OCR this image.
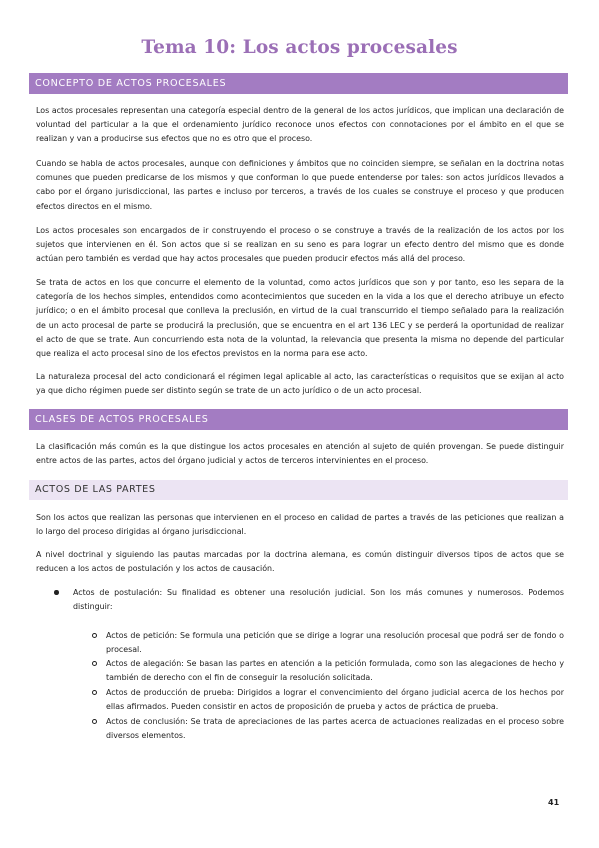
Tema 10: Los actos procesales
CONCEPTO DE ACTOS PROCESALES

Los actos procesales representan una categoría especial dentro de la general de los actos jurídicos, que implican una declaración de voluntad del particular a la que el ordenamiento jurídico reconoce unos efectos con connotaciones por el ámbito en el que se realizan y van a producirse sus efectos que no es otro que el proceso.

Cuando se habla de actos procesales, aunque con definiciones y ámbitos que no coinciden siempre, se señalan en la doctrina notas comunes que pueden predicarse de los mismos y que conforman lo que puede entenderse por tales: son actos jurídicos llevados a cabo por el órgano jurisdiccional, las partes e incluso por terceros, a través de los cuales se construye el proceso y que producen efectos directos en el mismo.

Los actos procesales son encargados de ir construyendo el proceso o se construye a través de la realización de los actos por los sujetos que intervienen en él. Son actos que si se realizan en su seno es para lograr un efecto dentro del mismo que es donde actúan pero también es verdad que hay actos procesales que pueden producir efectos más allá del proceso.

Se trata de actos en los que concurre el elemento de la voluntad, como actos jurídicos que son y por tanto, eso les separa de la categoría de los hechos simples, entendidos como acontecimientos que suceden en la vida a los que el derecho atribuye un efecto jurídico; o en el ámbito procesal que conlleva la preclusión, en virtud de la cual transcurrido el tiempo señalado para la realización de un acto procesal de parte se producirá la preclusión, que se encuentra en el art 136 LEC y se perderá la oportunidad de realizar el acto de que se trate. Aun concurriendo esta nota de la voluntad, la relevancia que presenta la misma no depende del particular que realiza el acto procesal sino de los efectos previstos en la norma para ese acto.

La naturaleza procesal del acto condicionará el régimen legal aplicable al acto, las características o requisitos que se exijan al acto ya que dicho régimen puede ser distinto según se trate de un acto jurídico o de un acto procesal.

CLASES DE ACTOS PROCESALES

La clasificación más común es la que distingue los actos procesales en atención al sujeto de quién provengan. Se puede distinguir entre actos de las partes, actos del órgano judicial y actos de terceros intervinientes en el proceso.

ACTOS DE LAS PARTES

Son los actos que realizan las personas que intervienen en el proceso en calidad de partes a través de las peticiones que realizan a lo largo del proceso dirigidas al órgano jurisdiccional.

A nivel doctrinal y siguiendo las pautas marcadas por la doctrina alemana, es común distinguir diversos tipos de actos que se reducen a los actos de postulación y los actos de causación.

Actos de postulación: Su finalidad es obtener una resolución judicial. Son los más comunes y numerosos. Podemos distinguir:

Actos de petición: Se formula una petición que se dirige a lograr una resolución procesal que podrá ser de fondo o procesal.

Actos de alegación: Se basan las partes en atención a la petición formulada, como son las alegaciones de hecho y también de derecho con el fin de conseguir la resolución solicitada.

Actos de producción de prueba: Dirigidos a lograr el convencimiento del órgano judicial acerca de los hechos por ellas afirmados. Pueden consistir en actos de proposición de prueba y actos de práctica de prueba.

Actos de conclusión: Se trata de apreciaciones de las partes acerca de actuaciones realizadas en el proceso sobre diversos elementos.

41
